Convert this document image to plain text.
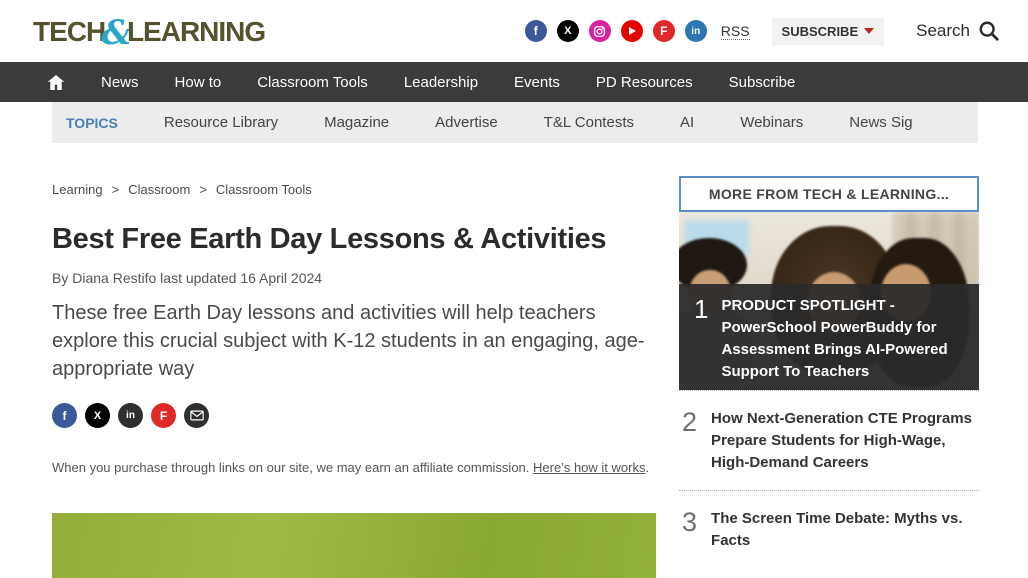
TECH&LEARNING	f	X	F	in	RSS SUBSCRIBE	Search
News How to Classroom Tools Leadership Events PD Resources Subscribe
TOPICS	Resource Library	Magazine	Advertise	T&L Contests	AI	Webinars	News Sig
Learning > Classroom > Classroom Tools
Best Free Earth Day Lessons & Activities
By Diana Restifo last updated 16 April 2024

These free Earth Day lessons and activities will help teachers explore this crucial subject with K-12 students in an engaging, age-appropriate way

f	X	in	F

When you purchase through links on our site, we may earn an affiliate commission. Here’s how it works.

MORE FROM TECH & LEARNING...
1 PRODUCT SPOTLIGHT - PowerSchool PowerBuddy for Assessment Brings AI-Powered Support To Teachers
2 How Next-Generation CTE Programs Prepare Students for High-Wage, High-Demand Careers
3 The Screen Time Debate: Myths vs. Facts
